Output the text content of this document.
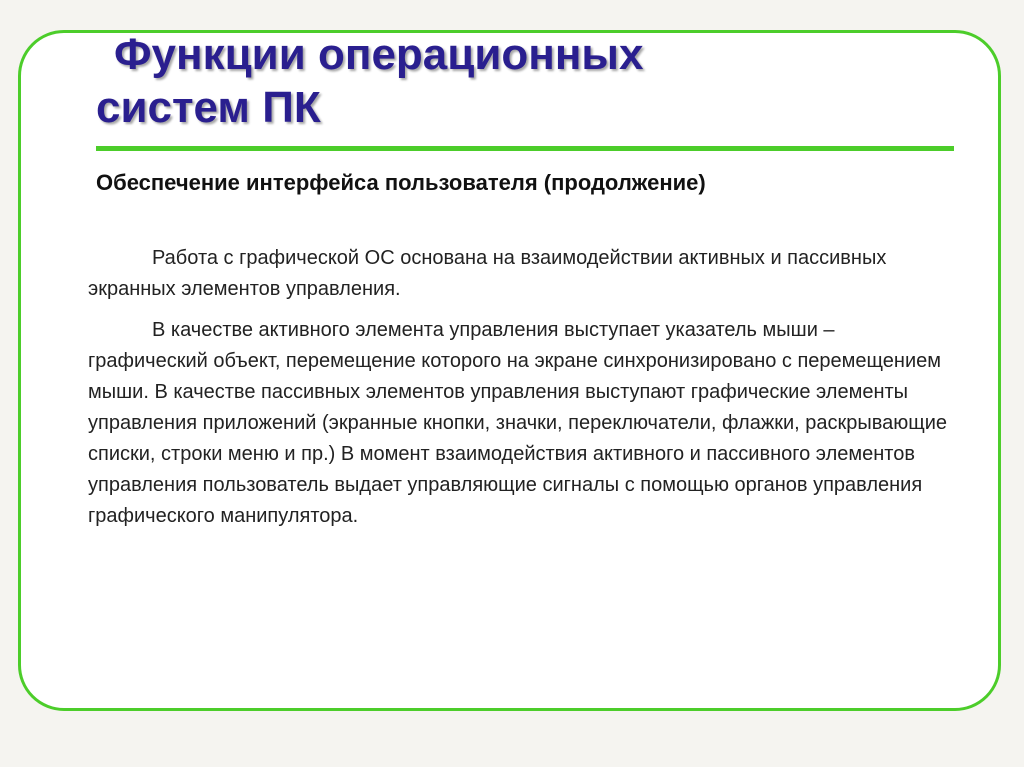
Функции операционных
систем ПК
Обеспечение интерфейса пользователя (продолжение)

Работа с графической ОС основана на взаимодействии активных и пассивных экранных элементов управления.

В качестве активного элемента управления выступает указатель мыши – графический объект, перемещение которого на экране синхронизировано с перемещением мыши. В качестве пассивных элементов управления выступают графические элементы управления приложений (экранные кнопки, значки, переключатели, флажки, раскрывающие списки, строки меню и пр.) В момент взаимодействия активного и пассивного элементов управления пользователь выдает управляющие сигналы с помощью органов управления графического манипулятора.
